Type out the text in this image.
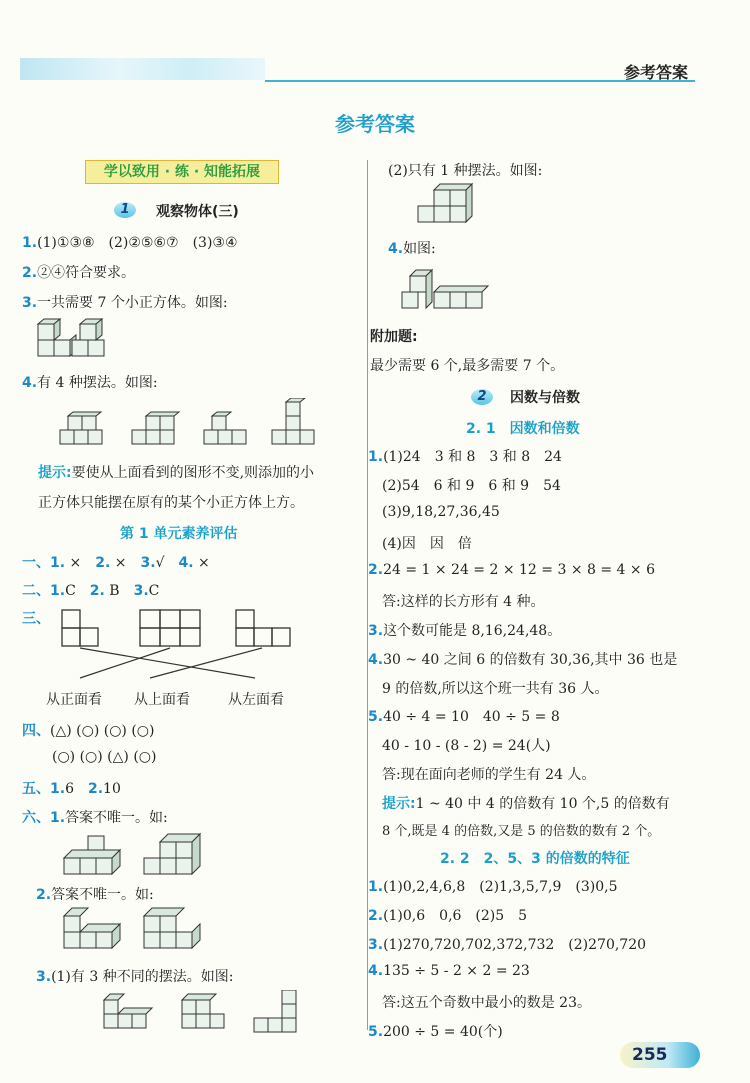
参考答案
参考答案
学以致用 · 练 · 知能拓展
1	观察物体(三)
1.(1)①③⑧　(2)②⑤⑥⑦　(3)③④
2.②④符合要求。
3.一共需要 7 个小正方体。如图:
4.有 4 种摆法。如图:
提示:要使从上面看到的图形不变,则添加的小
正方体只能摆在原有的某个小正方体上方。
第 1 单元素养评估
一、1. ×　 2. ×　 3.√　 4. ×
二、1.C　 2. B　 3.C
三、
从正面看 从上面看	从左面看
四、(△) (○) (○) (○)
(○) (○) (△) (○)
五、1.6　 2.10
六、1.答案不唯一。如:
2.答案不唯一。如:
3.(1)有 3 种不同的摆法。如图:
(2)只有 1 种摆法。如图:
4.如图:
附加题:
最少需要 6 个,最多需要 7 个。
2	因数与倍数
2. 1　因数和倍数
1.(1)24　3 和 8　3 和 8　24
(2)54　6 和 9　6 和 9　54
(3)9,18,27,36,45
(4)因　因　倍
2.24 = 1 × 24 = 2 × 12 = 3 × 8 = 4 × 6
答:这样的长方形有 4 种。
3.这个数可能是 8,16,24,48。
4.30 ~ 40 之间 6 的倍数有 30,36,其中 36 也是
9 的倍数,所以这个班一共有 36 人。
5.40 ÷ 4 = 10　40 ÷ 5 = 8
40 - 10 - (8 - 2) = 24(人)
答:现在面向老师的学生有 24 人。
提示:1 ~ 40 中 4 的倍数有 10 个,5 的倍数有
8 个,既是 4 的倍数,又是 5 的倍数的数有 2 个。
2. 2　2、5、3 的倍数的特征
1.(1)0,2,4,6,8　(2)1,3,5,7,9　(3)0,5
2.(1)0,6　0,6　(2)5　5
3.(1)270,720,702,372,732　(2)270,720
4.135 ÷ 5 - 2 × 2 = 23
答:这五个奇数中最小的数是 23。
5.200 ÷ 5 = 40(个)
255
